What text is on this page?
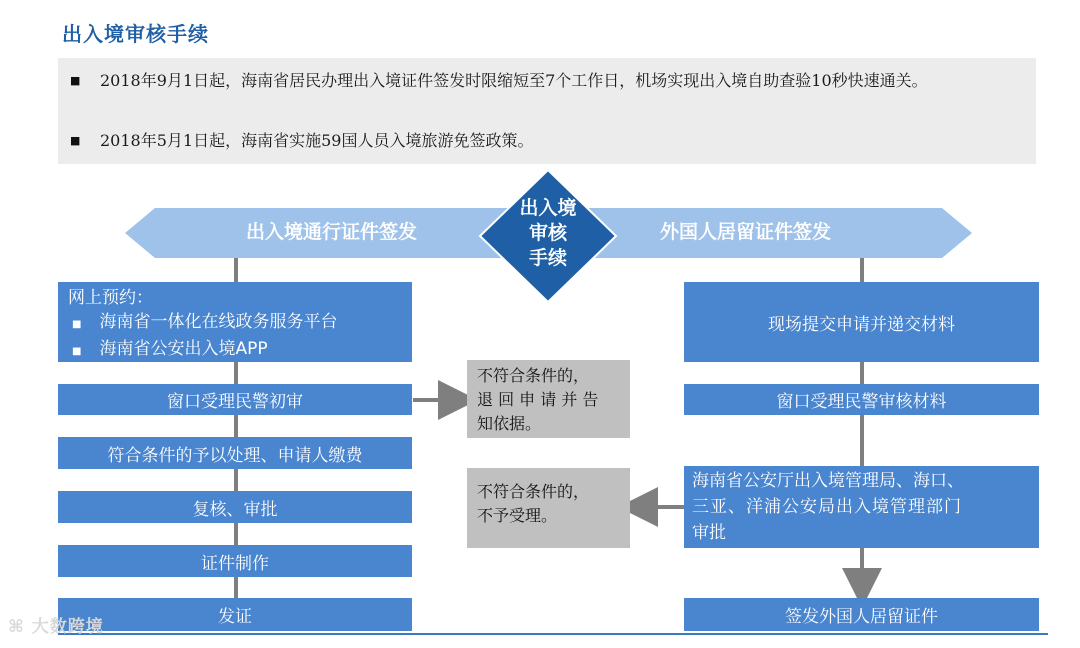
出入境审核手续
■ 2018年9月1日起，海南省居民办理出入境证件签发时限缩短至7个工作日，机场实现出入境自助查验10秒快速通关。
■ 2018年5月1日起，海南省实施59国人员入境旅游免签政策。
出入境通行证件签发	外国人居留证件签发
出入境
审核
手续
网上预约：
■ 海南省一体化在线政务服务平台
■ 海南省公安出入境APP
窗口受理民警初审
符合条件的予以处理、申请人缴费
复核、审批
证件制作
发证
不符合条件的，
退 回 申 请 并 告
知依据。
现场提交申请并递交材料
窗口受理民警审核材料
海南省公安厅出入境管理局、海口、
三亚、洋浦公安局出入境管理部门
审批
签发外国人居留证件
不符合条件的，
不予受理。
⌘ 大数跨境
